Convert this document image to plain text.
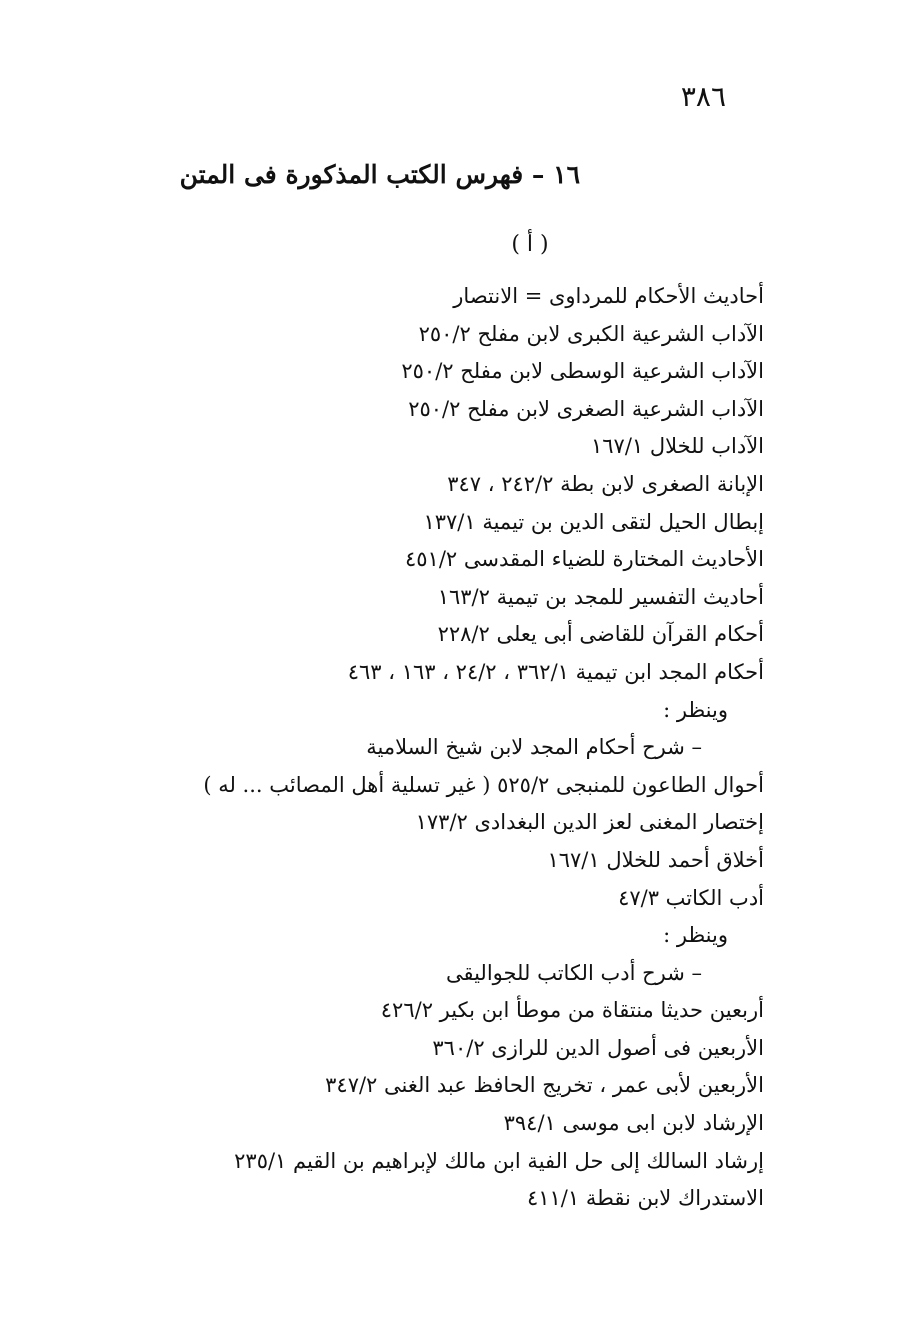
٣٨٦
١٦ – فهرس الكتب المذكورة فى المتن
( أ )
أحاديث الأحكام للمرداوى = الانتصار
الآداب الشرعية الكبرى لابن مفلح ٢٥٠/٢
الآداب الشرعية الوسطى لابن مفلح ٢٥٠/٢
الآداب الشرعية الصغرى لابن مفلح ٢٥٠/٢
الآداب للخلال ١٦٧/١
الإبانة الصغرى لابن بطة ٢٤٢/٢ ، ٣٤٧
إبطال الحيل لتقى الدين بن تيمية ١٣٧/١
الأحاديث المختارة للضياء المقدسى ٤٥١/٢
أحاديث التفسير للمجد بن تيمية ١٦٣/٢
أحكام القرآن للقاضى أبى يعلى ٢٢٨/٢
أحكام المجد ابن تيمية ٣٦٢/١ ، ٢٤/٢ ، ١٦٣ ، ٤٦٣
وينظر :
– شرح أحكام المجد لابن شيخ السلامية
أحوال الطاعون للمنبجى ٥٢٥/٢ ( غير تسلية أهل المصائب ... له )
إختصار المغنى لعز الدين البغدادى ١٧٣/٢
أخلاق أحمد للخلال ١٦٧/١
أدب الكاتب ٤٧/٣
وينظر :
– شرح أدب الكاتب للجواليقى
أربعين حديثا منتقاة من موطأ ابن بكير ٤٢٦/٢
الأربعين فى أصول الدين للرازى ٣٦٠/٢
الأربعين لأبى عمر ، تخريج الحافظ عبد الغنى ٣٤٧/٢
الإرشاد لابن ابى موسى ٣٩٤/١
إرشاد السالك إلى حل الفية ابن مالك لإبراهيم بن القيم ٢٣٥/١
الاستدراك لابن نقطة ٤١١/١
